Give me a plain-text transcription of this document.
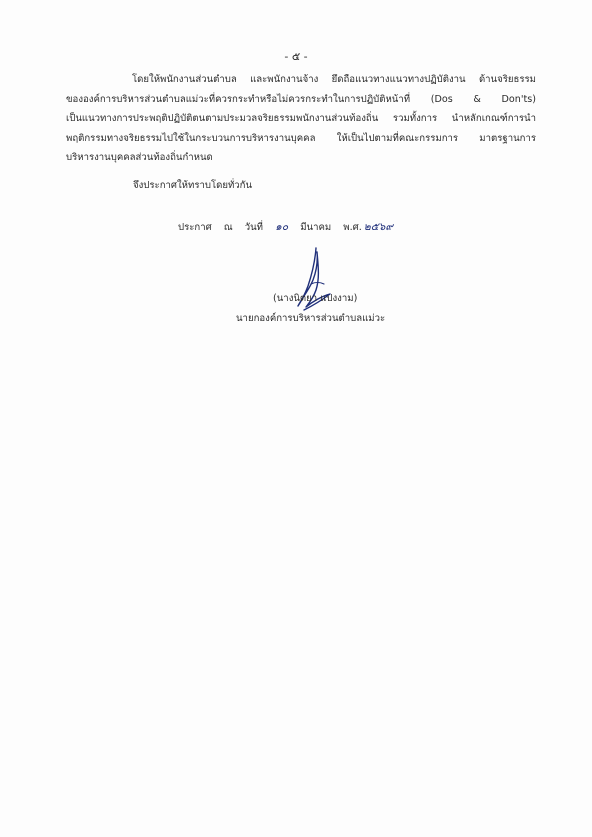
- ๕ -
โดยให้พนักงานส่วนตำบล และพนักงานจ้าง ยึดถือแนวทางแนวทางปฏิบัติงาน ด้านจริยธรรม
ขององค์การบริหารส่วนตำบลแม่วะที่ควรกระทำหรือไม่ควรกระทำในการปฏิบัติหน้าที่ (Dos & Don'ts)
เป็นแนวทางการประพฤติปฏิบัติตนตามประมวลจริยธรรมพนักงานส่วนท้องถิ่น รวมทั้งการ นำหลักเกณฑ์การนำ
พฤติกรรมทางจริยธรรมไปใช้ในกระบวนการบริหารงานบุคคล ให้เป็นไปตามที่คณะกรรมการ มาตรฐานการ
บริหารงานบุคคลส่วนท้องถิ่นกำหนด
จึงประกาศให้ทราบโดยทั่วกัน
ประกาศ ณ วันที่ ๑๐ มีนาคม พ.ศ. ๒๕๖๙
(นางนิตยา แปงงาม)
นายกองค์การบริหารส่วนตำบลแม่วะ
